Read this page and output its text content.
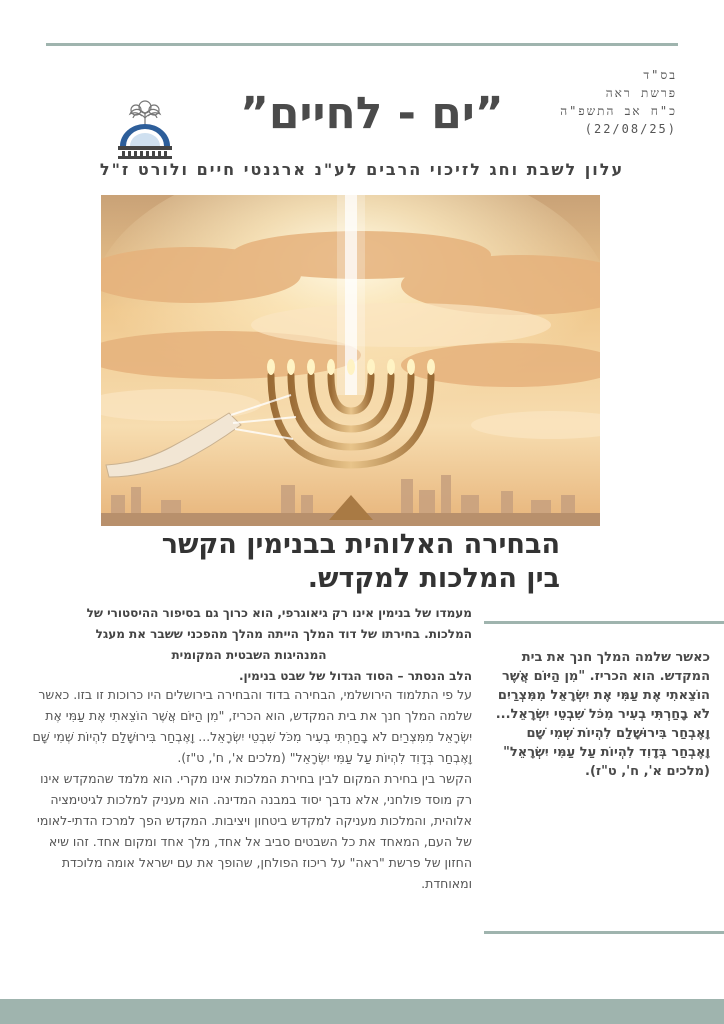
בס"ד
פרשת ראה
כ"ח אב התשפ"ה
(22/08/25)
”ים - לחיים”
עלון לשבת וחג לזיכוי הרבים לע"נ ארגנטי חיים ולורט ז"ל
הבחירה האלוהית בבנימין הקשר
בין המלכות למקדש.
מעמדו של בנימין אינו רק גיאוגרפי, הוא כרוך גם בסיפור ההיסטורי של
המלכות. בחירתו של דוד המלך הייתה מהלך מהפכני ששבר את מעגל
המנהיגות השבטית המקומית
הלב הנסתר – הסוד הגדול של שבט בנימין.

על פי התלמוד הירושלמי, הבחירה בדוד והבחירה בירושלים היו כרוכות זו בזו. כאשר שלמה המלך חנך את בית המקדש, הוא הכריז, "מִן הַיּוֹם אֲשֶׁר הוֹצֵאתִי אֶת עַמִּי אֶת יִשְׂרָאֵל מִמִּצְרַיִם לֹא בָחַרְתִּי בְעִיר מִכֹּל שִׁבְטֵי יִשְׂרָאֵל... וָאֶבְחַר בִּירוּשָׁלַם לִהְיוֹת שְׁמִי שָׁם וָאֶבְחַר בְּדָוִד לִהְיוֹת עַל עַמִּי יִשְׂרָאֵל" (מלכים א', ח', ט"ז).

הקשר בין בחירת המקום לבין בחירת המלכות אינו מקרי. הוא מלמד שהמקדש אינו רק מוסד פולחני, אלא נדבך יסוד במבנה המדינה. הוא מעניק למלכות לגיטימציה אלוהית, והמלכות מעניקה למקדש ביטחון ויציבות. המקדש הפך למרכז הדתי-לאומי של העם, המאחד את כל השבטים סביב אל אחד, מלך אחד ומקום אחד. זהו שיא החזון של פרשת "ראה" על ריכוז הפולחן, שהופך את עם ישראל אומה מלוכדת ומאוחדת.

כאשר שלמה המלך חנך את בית המקדש. הוא הכריז. "מִן הַיּוֹם אֲשֶׁר הוֹצֵאתִי אֶת עַמִּי אֶת יִשְׂרָאֵל מִמִּצְרַיִם לֹא בָחַרְתִּי בְעִיר מִכֹּל שִׁבְטֵי יִשְׂרָאֵל... וָאֶבְחַר בִּירוּשָׁלַם לִהְיוֹת שְׁמִי שָׁם וָאֶבְחַר בְּדָוִד לִהְיוֹת עַל עַמִּי יִשְׂרָאֵל" (מלכים א', ח', ט"ז).
